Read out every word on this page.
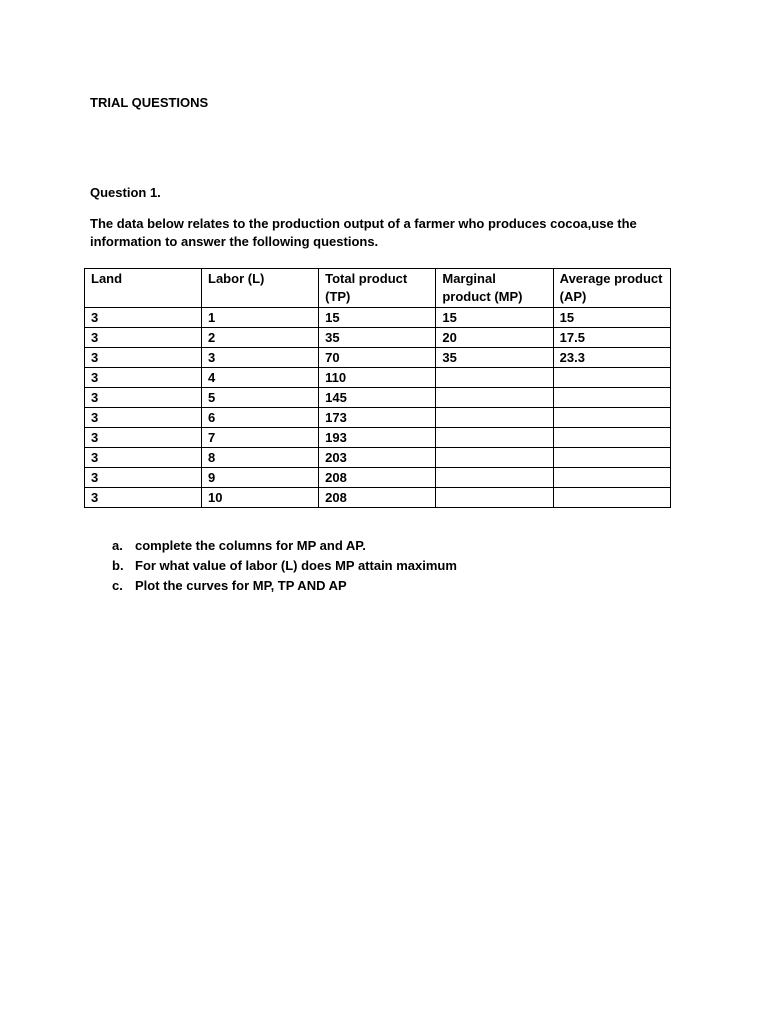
TRIAL QUESTIONS
Question 1.
The data below relates to the production output of a farmer who produces cocoa,use the information to answer the following questions.
Land	Labor (L)	Total product (TP)	Marginal product (MP)	Average product (AP)
3	1	15	15	15
3	2	35	20	17.5
3	3	70	35	23.3
3	4	110		
3	5	145		
3	6	173		
3	7	193		
3	8	203		
3	9	208		
3	10	208		
a. complete the columns for MP and AP.
b. For what value of labor (L) does MP attain maximum
c. Plot the curves for MP, TP AND AP
